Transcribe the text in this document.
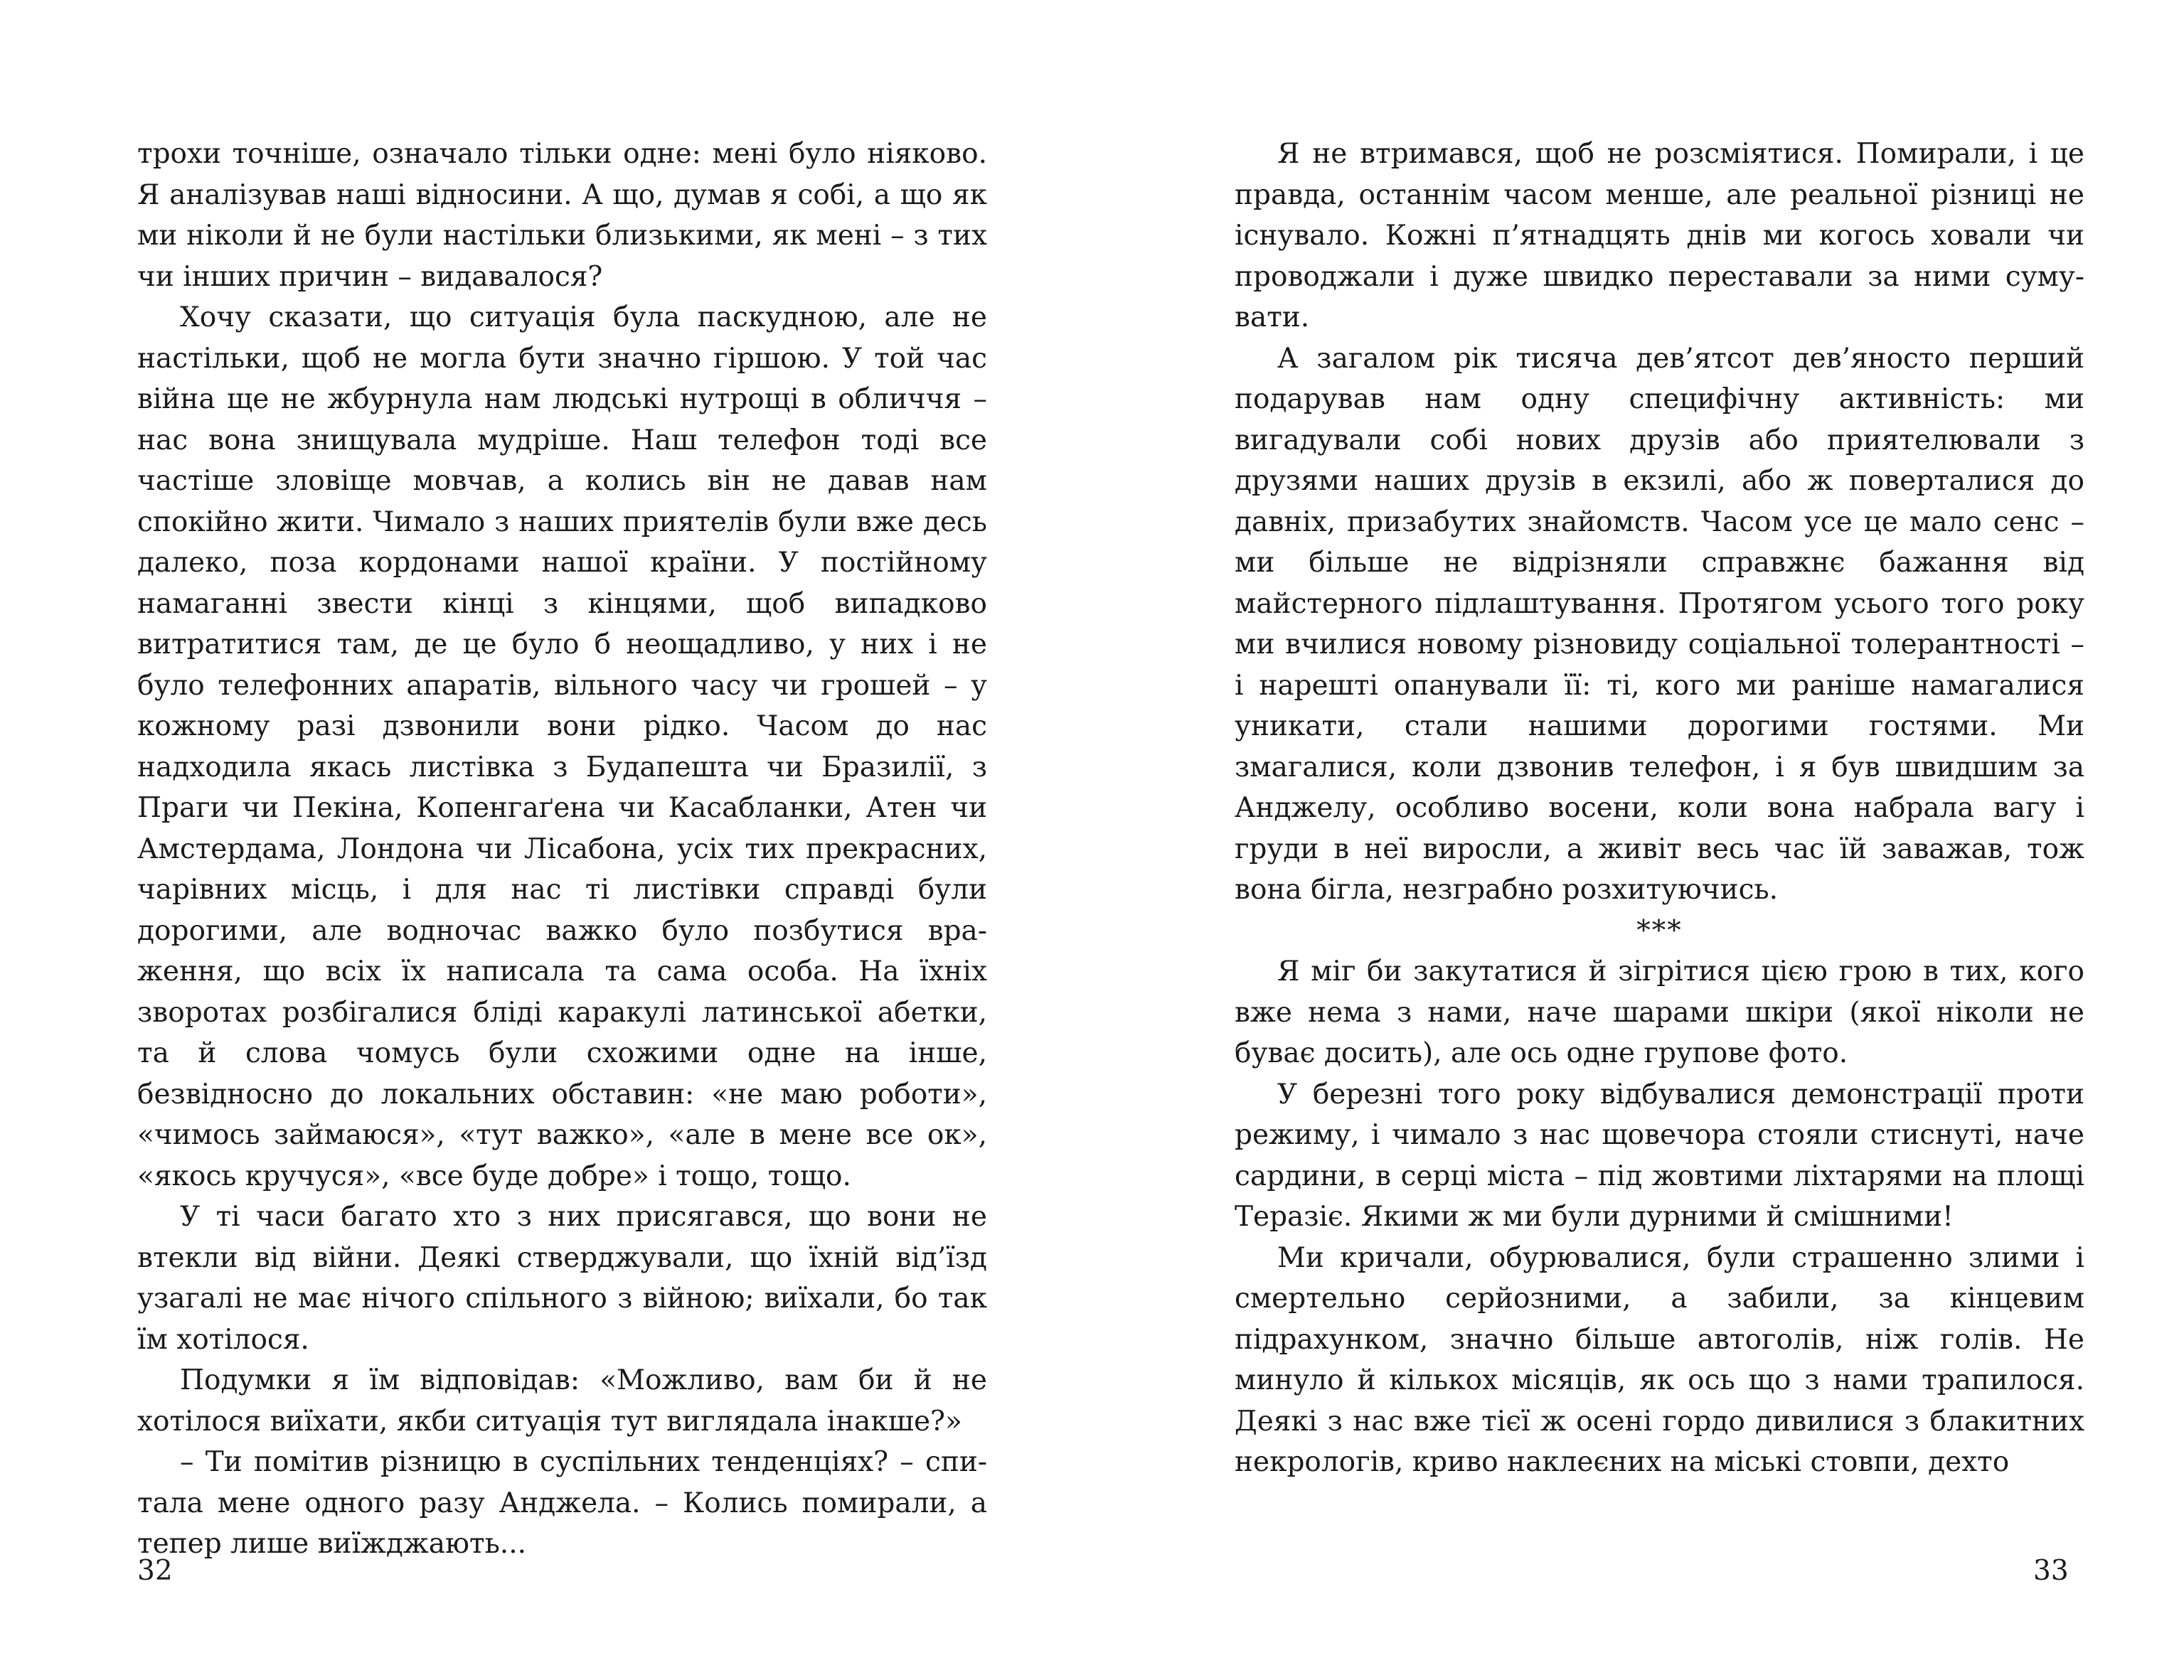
трохи точніше, означало тільки одне: мені було ніяково. Я аналізував наші відносини. А що, думав я собі, а що як ми ніколи й не були настільки близькими, як мені – з тих чи інших причин – видавалося?

Хочу сказати, що ситуація була паскудною, але не настільки, щоб не могла бути значно гіршою. У той час війна ще не жбурнула нам людські нутрощі в обличчя – нас вона знищувала мудріше. Наш телефон тоді все частіше зловіще мовчав, а колись він не давав нам спокійно жити. Чимало з наших приятелів були вже десь далеко, поза кордонами нашої країни. У постійному намаганні звести кінці з кінцями, щоб випадково витратитися там, де це було б неощадливо, у них і не було телефонних апаратів, вільного часу чи грошей – у кожному разі дзвонили вони рідко. Часом до нас надходила якась листівка з Будапешта чи Бразилії, з Праги чи Пекіна, Копенгаґена чи Касабланки, Атен чи Амстердама, Лондона чи Лісабона, усіх тих прекрасних, чарівних місць, і для нас ті листівки справді були дорогими, але водночас важко було позбутися враження, що всіх їх написала та сама особа. На їхніх зворотах розбігалися бліді каракулі латинської абетки, та й слова чомусь були схожими одне на інше, безвідносно до локальних обставин: «не маю роботи», «чимось займаюся», «тут важко», «але в мене все ок», «якось кручуся», «все буде добре» і тощо, тощо.

У ті часи багато хто з них присягався, що вони не втекли від війни. Деякі стверджували, що їхній від’їзд узагалі не має нічого спільного з війною; виїхали, бо так їм хотілося.

Подумки я їм відповідав: «Можливо, вам би й не хотілося виїхати, якби ситуація тут виглядала інакше?»

– Ти помітив різницю в суспільних тенденціях? – спитала мене одного разу Анджела. – Колись помирали, а тепер лише виїжджають...

32

Я не втримався, щоб не розсміятися. Помирали, і це правда, останнім часом менше, але реальної різниці не існувало. Кожні п’ятнадцять днів ми когось ховали чи проводжали і дуже швидко переставали за ними сумувати.

А загалом рік тисяча дев’ятсот дев’яносто перший подарував нам одну специфічну активність: ми вигадували собі нових друзів або приятелювали з друзями наших друзів в екзилі, або ж поверталися до давніх, призабутих знайомств. Часом усе це мало сенс – ми більше не відрізняли справжнє бажання від майстерного підлаштування. Протягом усього того року ми вчилися новому різновиду соціальної толерантності – і нарешті опанували її: ті, кого ми раніше намагалися уникати, стали нашими дорогими гостями. Ми змагалися, коли дзвонив телефон, і я був швидшим за Анджелу, особливо восени, коли вона набрала вагу і груди в неї виросли, а живіт весь час їй заважав, тож вона бігла, незграбно розхитуючись.

***

Я міг би закутатися й зігрітися цією грою в тих, кого вже нема з нами, наче шарами шкіри (якої ніколи не буває досить), але ось одне групове фото.

У березні того року відбувалися демонстрації проти режиму, і чимало з нас щовечора стояли стиснуті, наче сардини, в серці міста – під жовтими ліхтарями на площі Теразіє. Якими ж ми були дурними й смішними!

Ми кричали, обурювалися, були страшенно злими і смертельно серйозними, а забили, за кінцевим підрахунком, значно більше автоголів, ніж голів. Не минуло й кількох місяців, як ось що з нами трапилося. Деякі з нас вже тієї ж осені гордо дивилися з блакитних некрологів, криво наклеєних на міські стовпи, дехто

33
